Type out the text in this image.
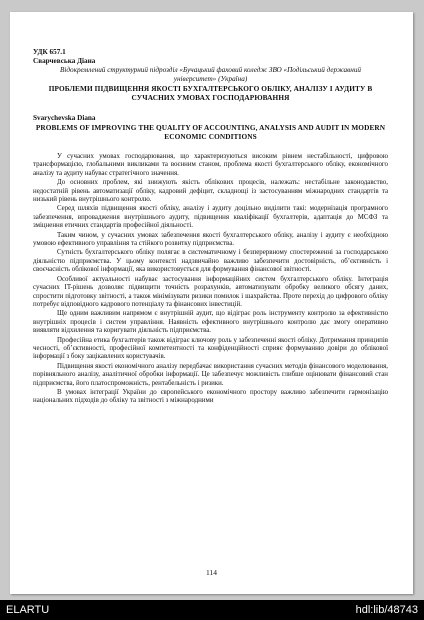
УДК 657.1
Сварчевська Діана
Відокремлений структурний підрозділ «Бучацький фаховий коледж ЗВО «Подільський державний університет» (Україна)
ПРОБЛЕМИ ПІДВИЩЕННЯ ЯКОСТІ БУХГАЛТЕРСЬКОГО ОБЛІКУ, АНАЛІЗУ І АУДИТУ В СУЧАСНИХ УМОВАХ ГОСПОДАРЮВАННЯ
Svarychevska Diana
PROBLEMS OF IMPROVING THE QUALITY OF ACCOUNTING, ANALYSIS AND AUDIT IN MODERN ECONOMIC CONDITIONS

У сучасних умовах господарювання, що характеризуються високим рівнем нестабільності, цифровою трансформацією, глобальними викликами та воєнним станом, проблема якості бухгалтерського обліку, економічного аналізу та аудиту набуває стратегічного значення.

До основних проблем, які знижують якість облікових процесів, належать: нестабільне законодавство, недостатній рівень автоматизації обліку, кадровий дефіцит, складнощі із застосуванням міжнародних стандартів та низький рівень внутрішнього контролю.

Серед шляхів підвищення якості обліку, аналізу і аудиту доцільно виділити такі: модернізація програмного забезпечення, впровадження внутрішнього аудиту, підвищення кваліфікації бухгалтерів, адаптація до МСФЗ та зміцнення етичних стандартів професійної діяльності.

Таким чином, у сучасних умовах забезпечення якості бухгалтерського обліку, аналізу і аудиту є необхідною умовою ефективного управління та стійкого розвитку підприємства.

Сутність бухгалтерського обліку полягає в систематичному і безперервному спостереженні за господарською діяльністю підприємства. У цьому контексті надзвичайно важливо забезпечити достовірність, об’єктивність і своєчасність облікової інформації, яка використовується для формування фінансової звітності.

Особливої актуальності набуває застосування інформаційних систем бухгалтерського обліку. Інтеграція сучасних IT-рішень дозволяє підвищити точність розрахунків, автоматизувати обробку великого обсягу даних, спростити підготовку звітності, а також мінімізувати ризики помилок і шахрайства. Проте перехід до цифрового обліку потребує відповідного кадрового потенціалу та фінансових інвестицій.

Ще одним важливим напрямом є внутрішній аудит, що відіграє роль інструменту контролю за ефективністю внутрішніх процесів і систем управління. Наявність ефективного внутрішнього контролю дає змогу оперативно виявляти відхилення та коригувати діяльність підприємства.

Професійна етика бухгалтерів також відіграє ключову роль у забезпеченні якості обліку. Дотримання принципів чесності, об’єктивності, професійної компетентності та конфіденційності сприяє формуванню довіри до облікової інформації з боку зацікавлених користувачів.

Підвищення якості економічного аналізу передбачає використання сучасних методів фінансового моделювання, порівняльного аналізу, аналітичної обробки інформації. Це забезпечує можливість глибше оцінювати фінансовий стан підприємства, його платоспроможність, рентабельність і ризики.

В умовах інтеграції України до європейського економічного простору важливо забезпечити гармонізацію національних підходів до обліку та звітності з міжнародними

114
ELARTU	hdl:lib/48743
